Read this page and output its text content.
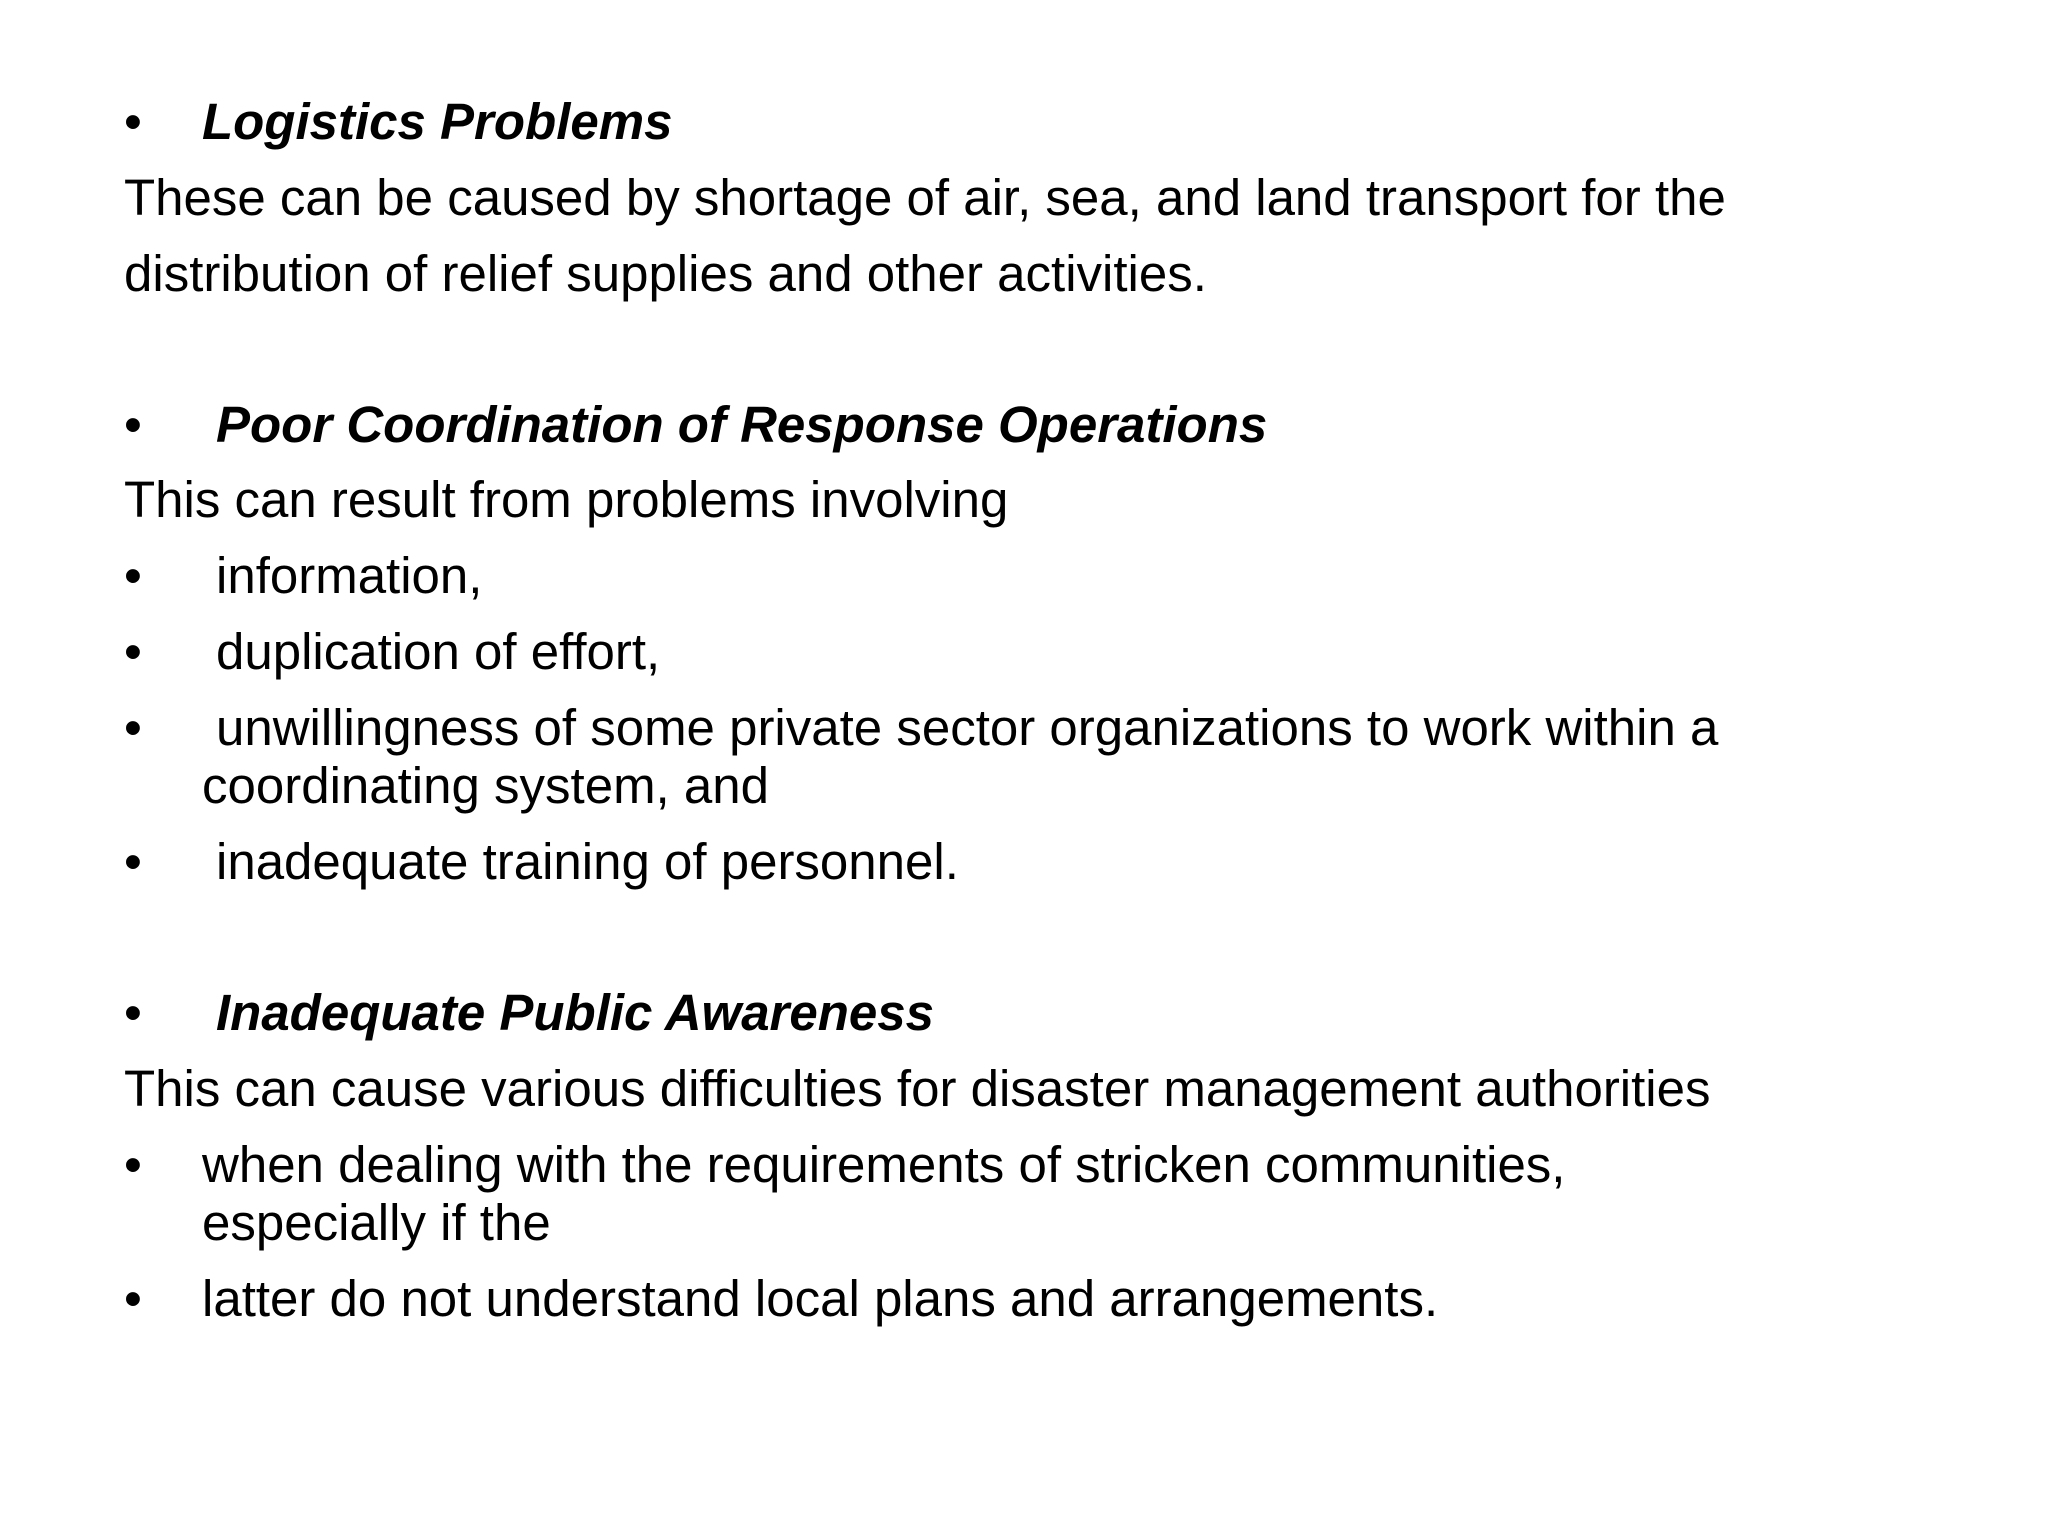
• Logistics Problems
These can be caused by shortage of air, sea, and land transport for the
distribution of relief supplies and other activities.
• Poor Coordination of Response Operations
This can result from problems involving
• information,
• duplication of effort,
• unwillingness of some private sector organizations to work within a
coordinating system, and
• inadequate training of personnel.
• Inadequate Public Awareness
This can cause various difficulties for disaster management authorities
• when dealing with the requirements of stricken communities,
especially if the
• latter do not understand local plans and arrangements.
